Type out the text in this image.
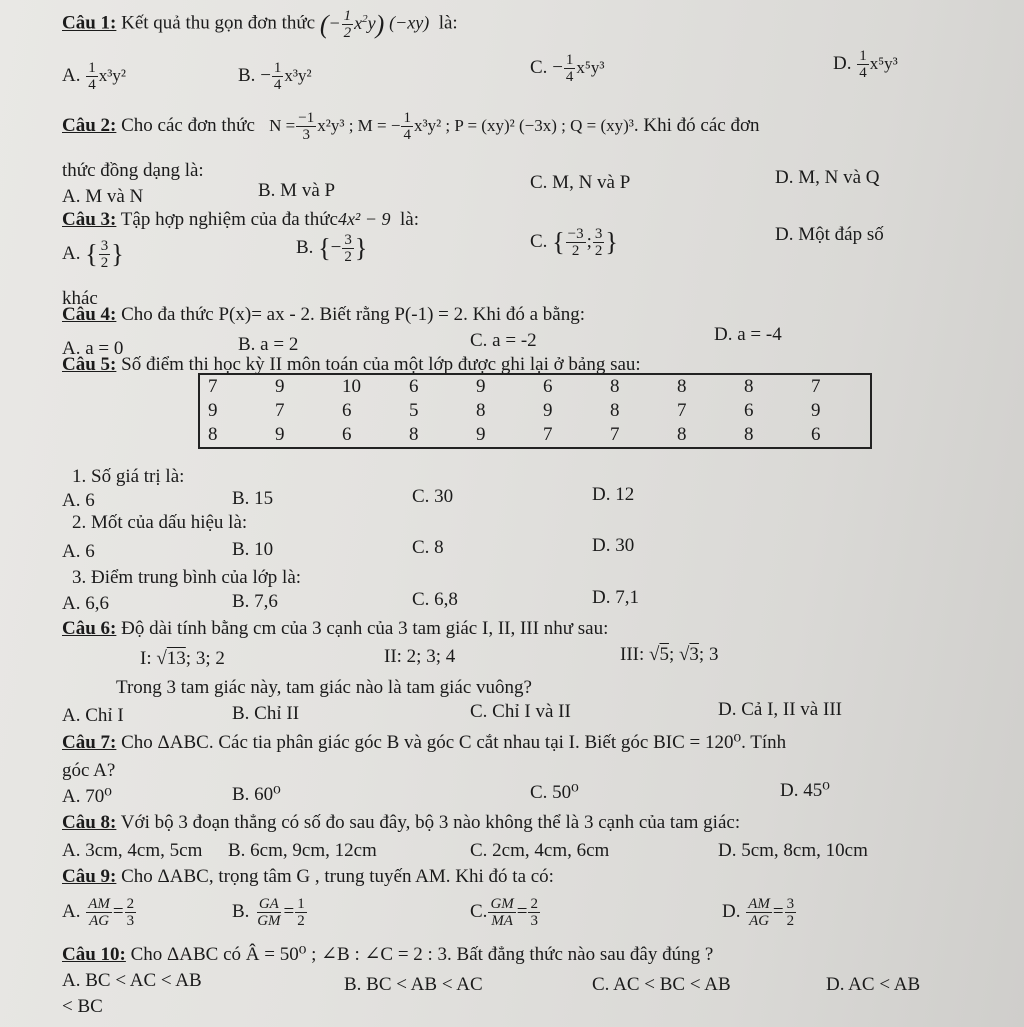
Câu 1: Kết quả thu gọn đơn thức (− $\frac{1}{2} x^2y$) (−xy) là:
A. $\frac{1}{4} x^3y^2$	B. − $\frac{1}{4} x^3y^2$	C. − $\frac{1}{4} x^5y^3$	D. $\frac{1}{4} x^5y^3$
Câu 2: Cho các đơn thức $N = \frac{-1}{3} x^2y^3$ ; M = − $\frac{1}{4} x^3y^2$ ; P = (xy)² (−3x) ; Q = (xy)³. Khi đó các đơn
thức đồng dạng là:
A. M và N	B. M và P	C. M, N và P	D. M, N và Q
Câu 3: Tập hợp nghiệm của đa thức4x² − 9 là:
A. { $\frac{3}{2}$ }	B. {− $\frac{3}{2}$ }	C. { $\frac{-3}{2}$ ; $\frac{3}{2}$ }	D. Một đáp số
khác
Câu 4: Cho đa thức P(x)= ax - 2. Biết rằng P(-1) = 2. Khi đó a bằng:
A. a = 0	B. a = 2	C. a = -2	D. a = -4
Câu 5: Số điểm thi học kỳ II môn toán của một lớp được ghi lại ở bảng sau:
7	9	10	6	9	6	8	8	8	7
9	7	6	5	8	9	8	7	6	9
8	9	6	8	9	7	7	8	8	6
1. Số giá trị là:
A. 6	B. 15	C. 30	D. 12
2. Mốt của dấu hiệu là:
A. 6	B. 10	C. 8	D. 30
3. Điểm trung bình của lớp là:
A. 6,6	B. 7,6	C. 6,8	D. 7,1
Câu 6: Độ dài tính bằng cm của 3 cạnh của 3 tam giác I, II, III như sau:
I: √13; 3; 2	II: 2; 3; 4	III: √5; √3; 3
Trong 3 tam giác này, tam giác nào là tam giác vuông?
A. Chỉ I	B. Chỉ II	C. Chỉ I và II	D. Cả I, II và III
Câu 7: Cho ΔABC. Các tia phân giác góc B và góc C cắt nhau tại I. Biết góc BIC = 120⁰. Tính
góc A?
A. 70⁰	B. 60⁰	C. 50⁰	D. 45⁰
Câu 8: Với bộ 3 đoạn thẳng có số đo sau đây, bộ 3 nào không thể là 3 cạnh của tam giác:
A. 3cm, 4cm, 5cm B. 6cm, 9cm, 12cm	C. 2cm, 4cm, 6cm	D. 5cm, 8cm, 10cm
Câu 9: Cho ΔABC, trọng tâm G , trung tuyến AM. Khi đó ta có:
A. $\frac{AM}{AG} = \frac{2}{3}$	B. $\frac{GA}{GM} = \frac{1}{2}$	C. $\frac{GM}{MA} = \frac{2}{3}$	D. $\frac{AM}{AG} = \frac{3}{2}$
Câu 10: Cho ΔABC có Â = 50⁰ ; ∠B : ∠C = 2 : 3. Bất đẳng thức nào sau đây đúng ?
A. BC < AC < AB	B. BC < AB < AC	C. AC < BC < AB	D. AC < AB
< BC
